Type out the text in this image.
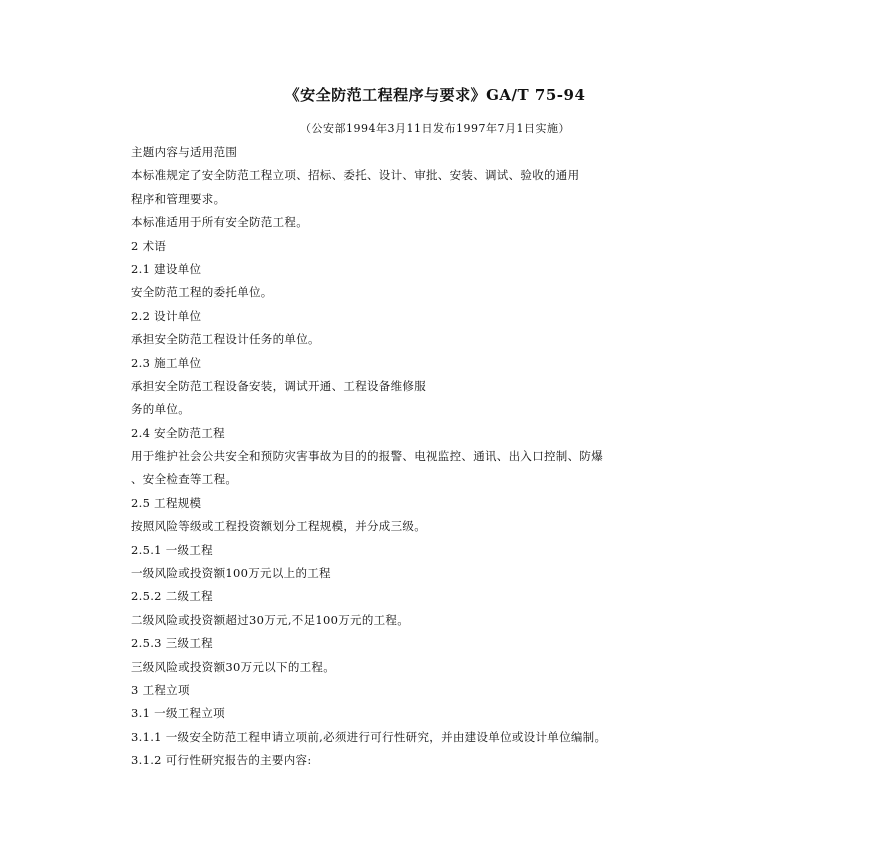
《安全防范工程程序与要求》GA/T 75-94
（公安部1994年3月11日发布1997年7月1日实施）
主题内容与适用范围
本标准规定了安全防范工程立项、招标、委托、设计、审批、安装、调试、验收的通用
程序和管理要求。
本标准适用于所有安全防范工程。
2 术语
2.1 建设单位
安全防范工程的委托单位。
2.2 设计单位
承担安全防范工程设计任务的单位。
2.3 施工单位
承担安全防范工程设备安装，调试开通、工程设备维修服
务的单位。
2.4 安全防范工程
用于维护社会公共安全和预防灾害事故为目的的报警、电视监控、通讯、出入口控制、防爆
、安全检查等工程。
2.5 工程规模
按照风险等级或工程投资额划分工程规模，并分成三级。
2.5.1 一级工程
一级风险或投资额100万元以上的工程
2.5.2 二级工程
二级风险或投资额超过30万元,不足100万元的工程。
2.5.3 三级工程
三级风险或投资额30万元以下的工程。
3 工程立项
3.1 一级工程立项
3.1.1 一级安全防范工程申请立项前,必须进行可行性研究，并由建设单位或设计单位编制。
3.1.2 可行性研究报告的主要内容:
